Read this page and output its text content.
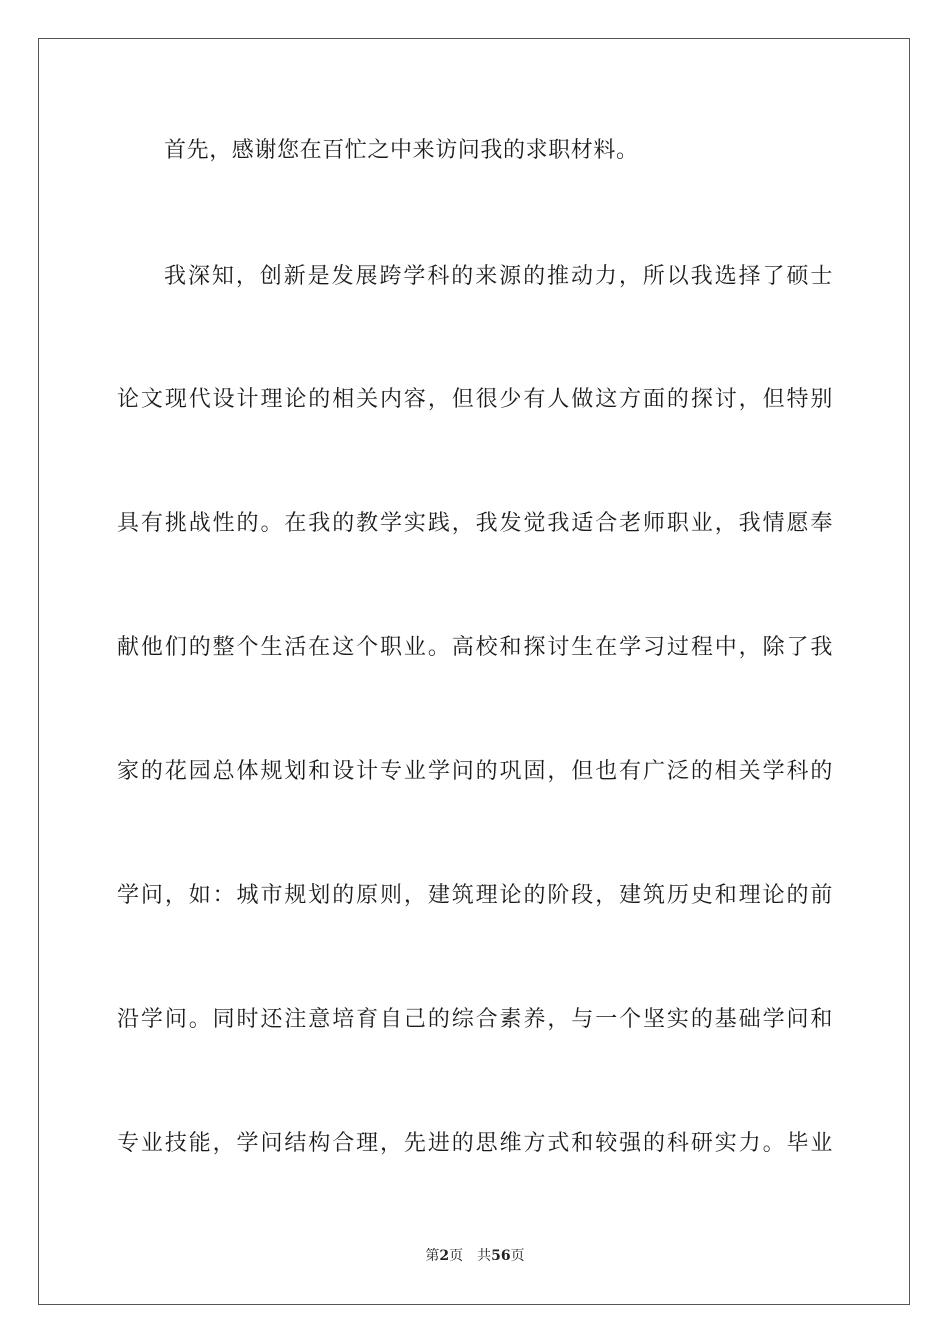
首先，感谢您在百忙之中来访问我的求职材料。
我深知，创新是发展跨学科的来源的推动力，所以我选择了硕士
论文现代设计理论的相关内容，但很少有人做这方面的探讨，但特别
具有挑战性的。在我的教学实践，我发觉我适合老师职业，我情愿奉
献他们的整个生活在这个职业。高校和探讨生在学习过程中，除了我
家的花园总体规划和设计专业学问的巩固，但也有广泛的相关学科的
学问，如：城市规划的原则，建筑理论的阶段，建筑历史和理论的前
沿学问。同时还注意培育自己的综合素养，与一个坚实的基础学问和
专业技能，学问结构合理，先进的思维方式和较强的科研实力。毕业
第2页 共56页
